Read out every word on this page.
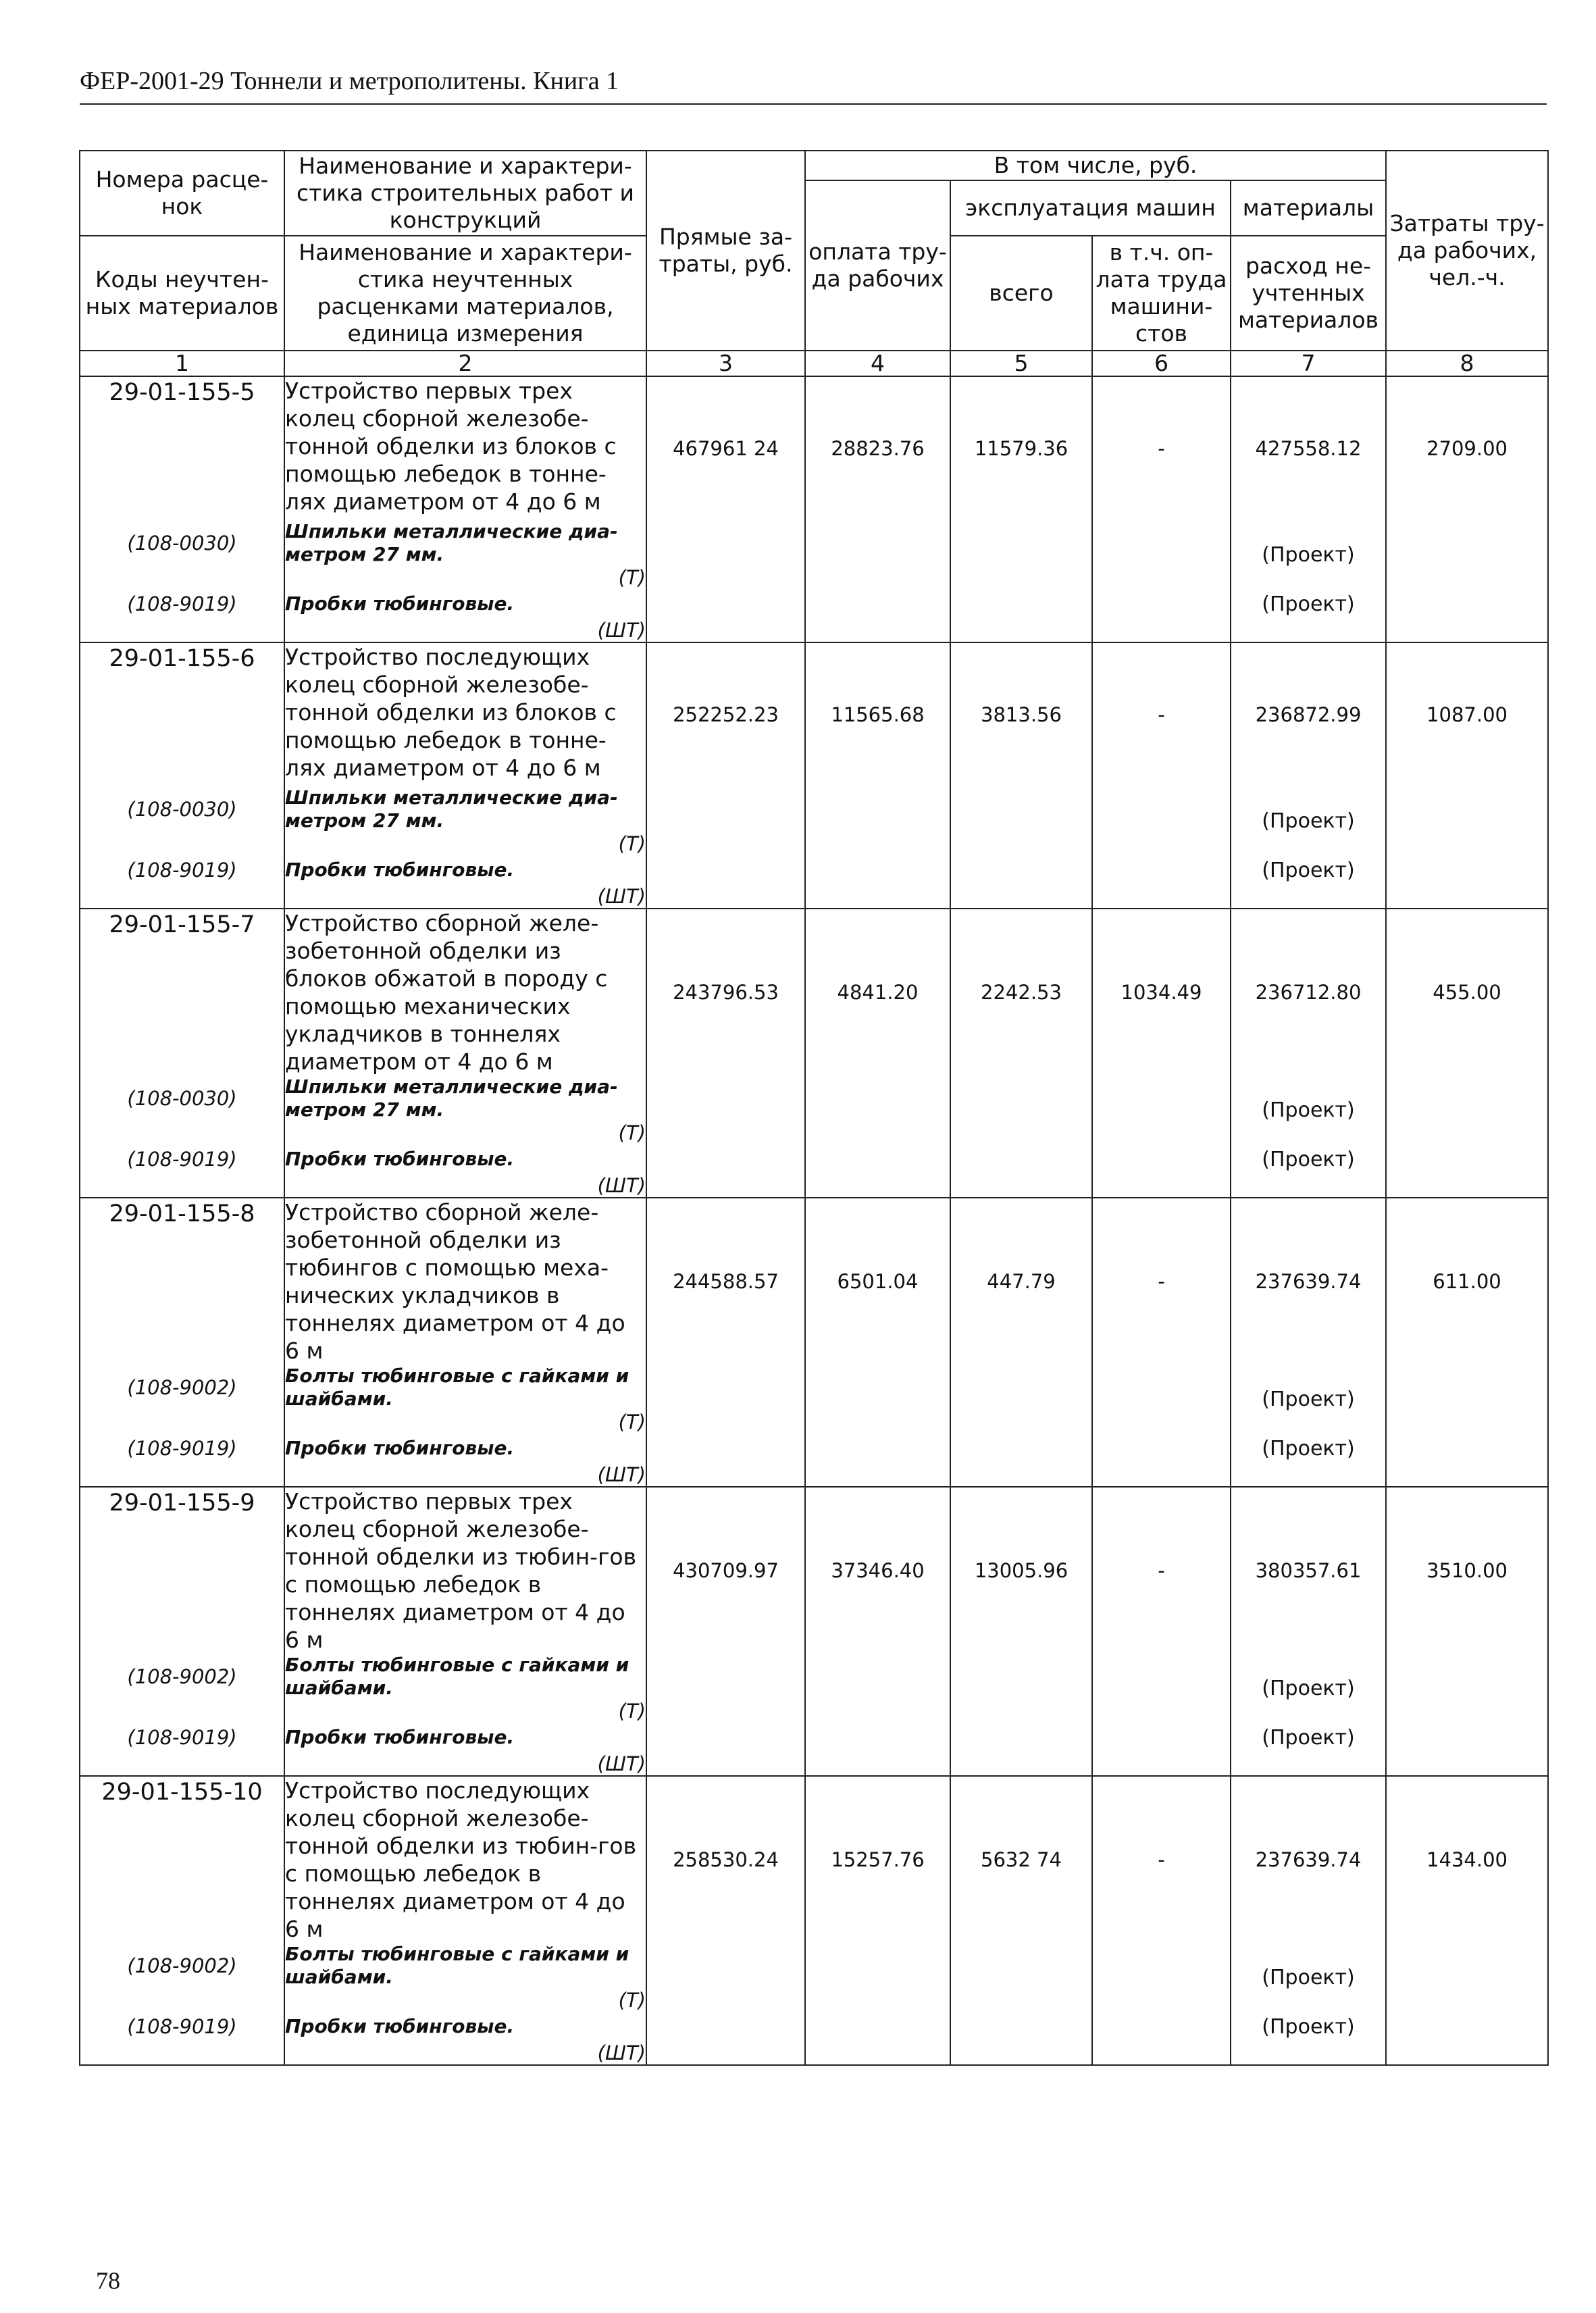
ФЕР-2001-29 Тоннели и метрополитены. Книга 1
Номера расце-нок	Наименование и характери-стика строительных работ и конструкций	Прямые за-траты, руб.	В том числе, руб.				Затраты тру-да рабочих, чел.-ч.
			оплата тру-да рабочих	эксплуатация машин		материалы	
Коды неучтен-ных материалов	Наименование и характери-стика неучтенных расценками материалов, единица измерения			всего	в т.ч. оп-лата труда машини-стов	расход не-учтенных материалов	

1	2	3	4	5	6	7	8
29-01-155-5	Устройство первых трех колец сборной железобе-тонной обделки из блоков с помощью лебедок в тонне-лях диаметром от 4 до 6 м	467961 24	28823.76	11579.36	-	427558.12	2709.00
(108-0030)	Шпильки металлические диа-метром 27 мм.					(Проект)	
	(Т)						
(108-9019)	Пробки тюбинговые.					(Проект)	
	(ШТ)						
29-01-155-6	Устройство последующих колец сборной железобе-тонной обделки из блоков с помощью лебедок в тонне-лях диаметром от 4 до 6 м	252252.23	11565.68	3813.56	-	236872.99	1087.00
(108-0030)	Шпильки металлические диа-метром 27 мм.					(Проект)	
	(Т)						
(108-9019)	Пробки тюбинговые.					(Проект)	
	(ШТ)						
29-01-155-7	Устройство сборной желе-зобетонной обделки из блоков обжатой в породу с помощью механических укладчиков в тоннелях диаметром от 4 до 6 м	243796.53	4841.20	2242.53	1034.49	236712.80	455.00
(108-0030)	Шпильки металлические диа-метром 27 мм.					(Проект)	
	(Т)						
(108-9019)	Пробки тюбинговые.					(Проект)	
	(ШТ)						
29-01-155-8	Устройство сборной желе-зобетонной обделки из тюбингов с помощью меха-нических укладчиков в тоннелях диаметром от 4 до 6 м	244588.57	6501.04	447.79	-	237639.74	611.00
(108-9002)	Болты тюбинговые с гайками и шайбами.					(Проект)	
	(Т)						
(108-9019)	Пробки тюбинговые.					(Проект)	
	(ШТ)						
29-01-155-9	Устройство первых трех колец сборной железобе-тонной обделки из тюбин-гов с помощью лебедок в тоннелях диаметром от 4 до 6 м	430709.97	37346.40	13005.96	-	380357.61	3510.00
(108-9002)	Болты тюбинговые с гайками и шайбами.					(Проект)	
	(Т)						
(108-9019)	Пробки тюбинговые.					(Проект)	
	(ШТ)						
29-01-155-10	Устройство последующих колец сборной железобе-тонной обделки из тюбин-гов с помощью лебедок в тоннелях диаметром от 4 до 6 м	258530.24	15257.76	5632 74	-	237639.74	1434.00
(108-9002)	Болты тюбинговые с гайками и шайбами.					(Проект)	
	(Т)						
(108-9019)	Пробки тюбинговые.					(Проект)	
	(ШТ)						
78
